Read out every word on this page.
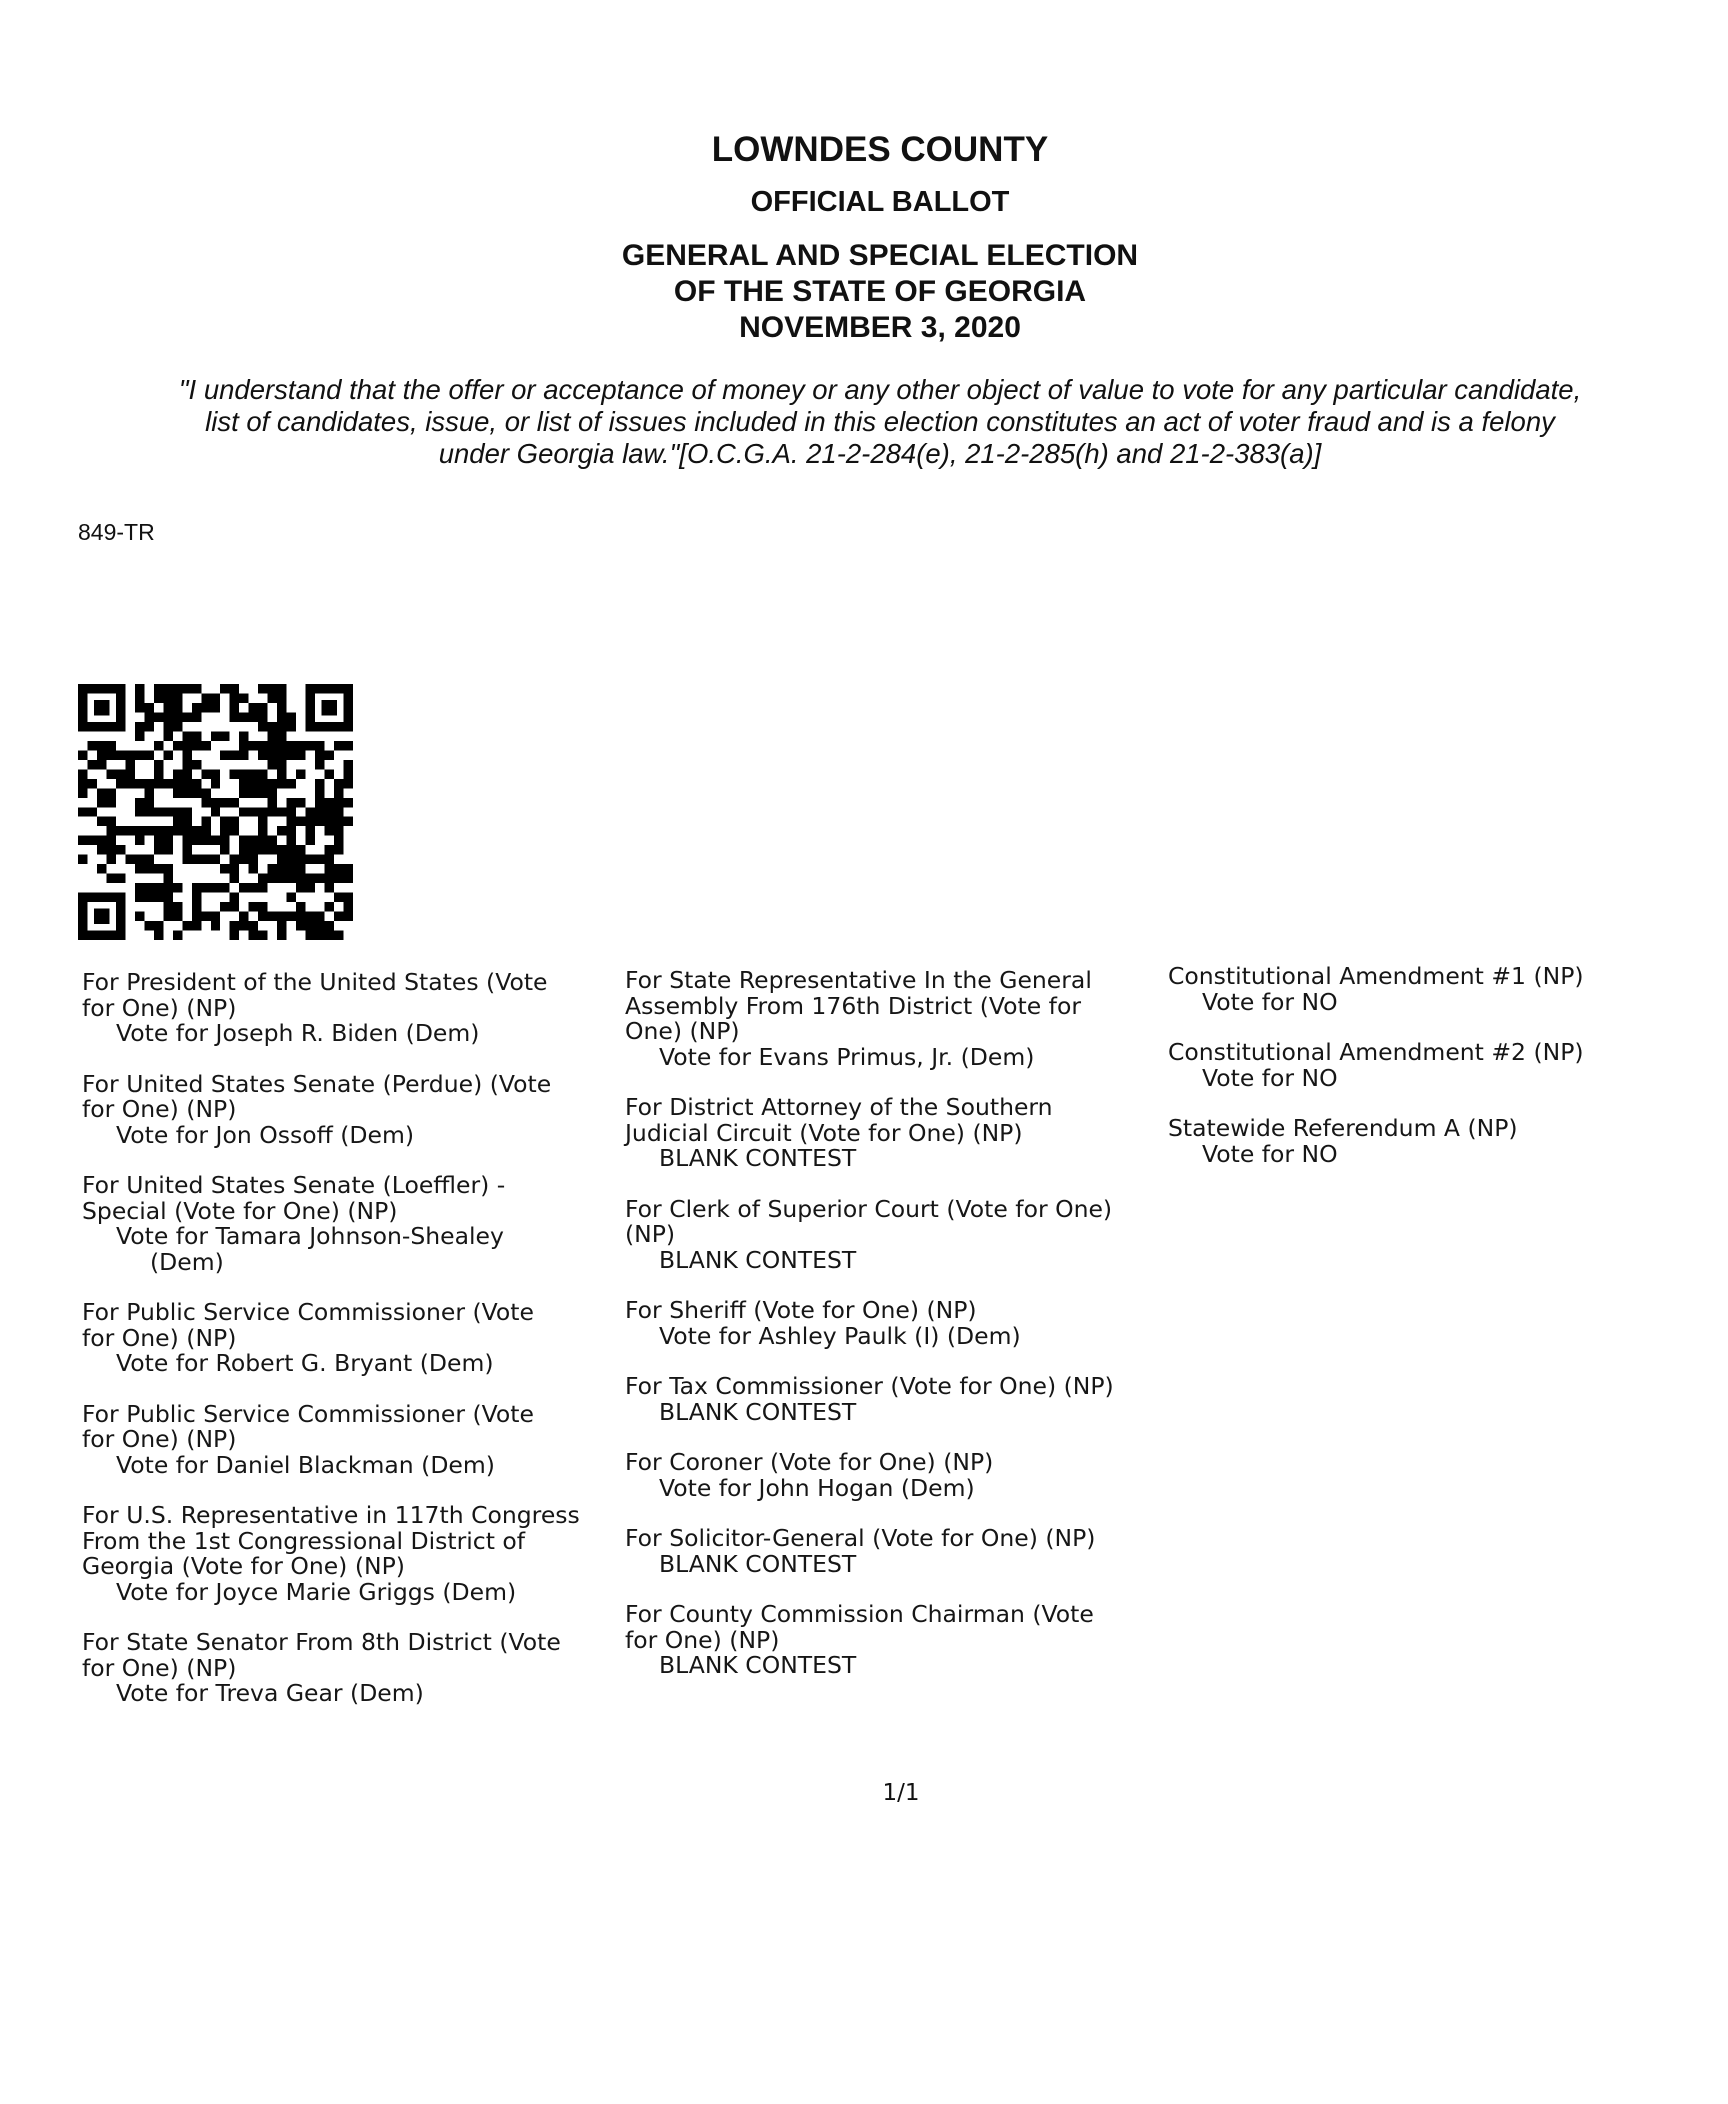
LOWNDES COUNTY
OFFICIAL BALLOT
GENERAL AND SPECIAL ELECTION
OF THE STATE OF GEORGIA
NOVEMBER 3, 2020
"I understand that the offer or acceptance of money or any other object of value to vote for any particular candidate,
list of candidates, issue, or list of issues included in this election constitutes an act of voter fraud and is a felony
under Georgia law."[O.C.G.A. 21-2-284(e), 21-2-285(h) and 21-2-383(a)]
849-TR
For President of the United States (Vote
for One) (NP)
Vote for Joseph R. Biden (Dem)
For United States Senate (Perdue) (Vote
for One) (NP)
Vote for Jon Ossoff (Dem)
For United States Senate (Loeffler) -
Special (Vote for One) (NP)
Vote for Tamara Johnson-Shealey
(Dem)
For Public Service Commissioner (Vote
for One) (NP)
Vote for Robert G. Bryant (Dem)
For Public Service Commissioner (Vote
for One) (NP)
Vote for Daniel Blackman (Dem)
For U.S. Representative in 117th Congress
From the 1st Congressional District of
Georgia (Vote for One) (NP)
Vote for Joyce Marie Griggs (Dem)
For State Senator From 8th District (Vote
for One) (NP)
Vote for Treva Gear (Dem)
For State Representative In the General
Assembly From 176th District (Vote for
One) (NP)
Vote for Evans Primus, Jr. (Dem)
For District Attorney of the Southern
Judicial Circuit (Vote for One) (NP)
BLANK CONTEST
For Clerk of Superior Court (Vote for One)
(NP)
BLANK CONTEST
For Sheriff (Vote for One) (NP)
Vote for Ashley Paulk (I) (Dem)
For Tax Commissioner (Vote for One) (NP)
BLANK CONTEST
For Coroner (Vote for One) (NP)
Vote for John Hogan (Dem)
For Solicitor-General (Vote for One) (NP)
BLANK CONTEST
For County Commission Chairman (Vote
for One) (NP)
BLANK CONTEST
Constitutional Amendment #1 (NP)
Vote for NO
Constitutional Amendment #2 (NP)
Vote for NO
Statewide Referendum A (NP)
Vote for NO
1/1
